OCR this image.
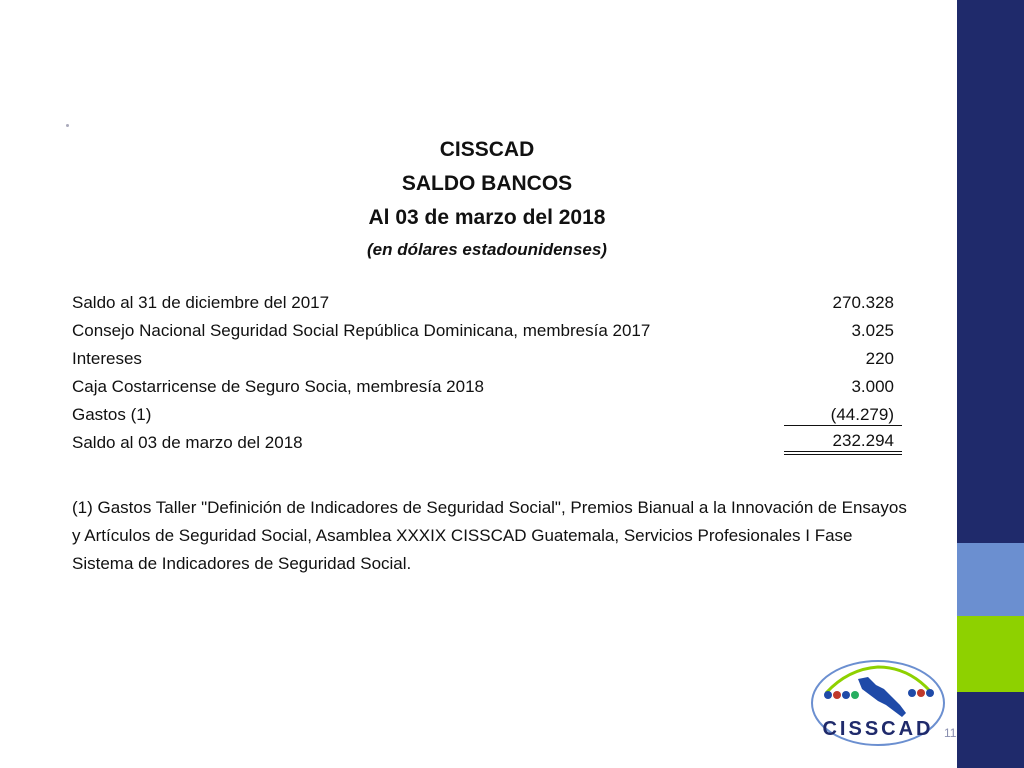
CISSCAD
SALDO BANCOS
Al 03 de marzo del 2018
(en dólares estadounidenses)
Saldo al 31 de diciembre del 2017	270.328
Consejo Nacional Seguridad Social República Dominicana, membresía 2017	3.025
Intereses	220
Caja Costarricense de Seguro Socia, membresía 2018	3.000
Gastos (1)	(44.279)
Saldo al 03 de marzo del 2018	232.294
(1) Gastos Taller "Definición de Indicadores de Seguridad Social", Premios Bianual a la Innovación de Ensayos y Artículos de Seguridad Social, Asamblea XXXIX CISSCAD Guatemala, Servicios Profesionales I Fase Sistema de Indicadores de Seguridad Social.
CISSCAD 11
